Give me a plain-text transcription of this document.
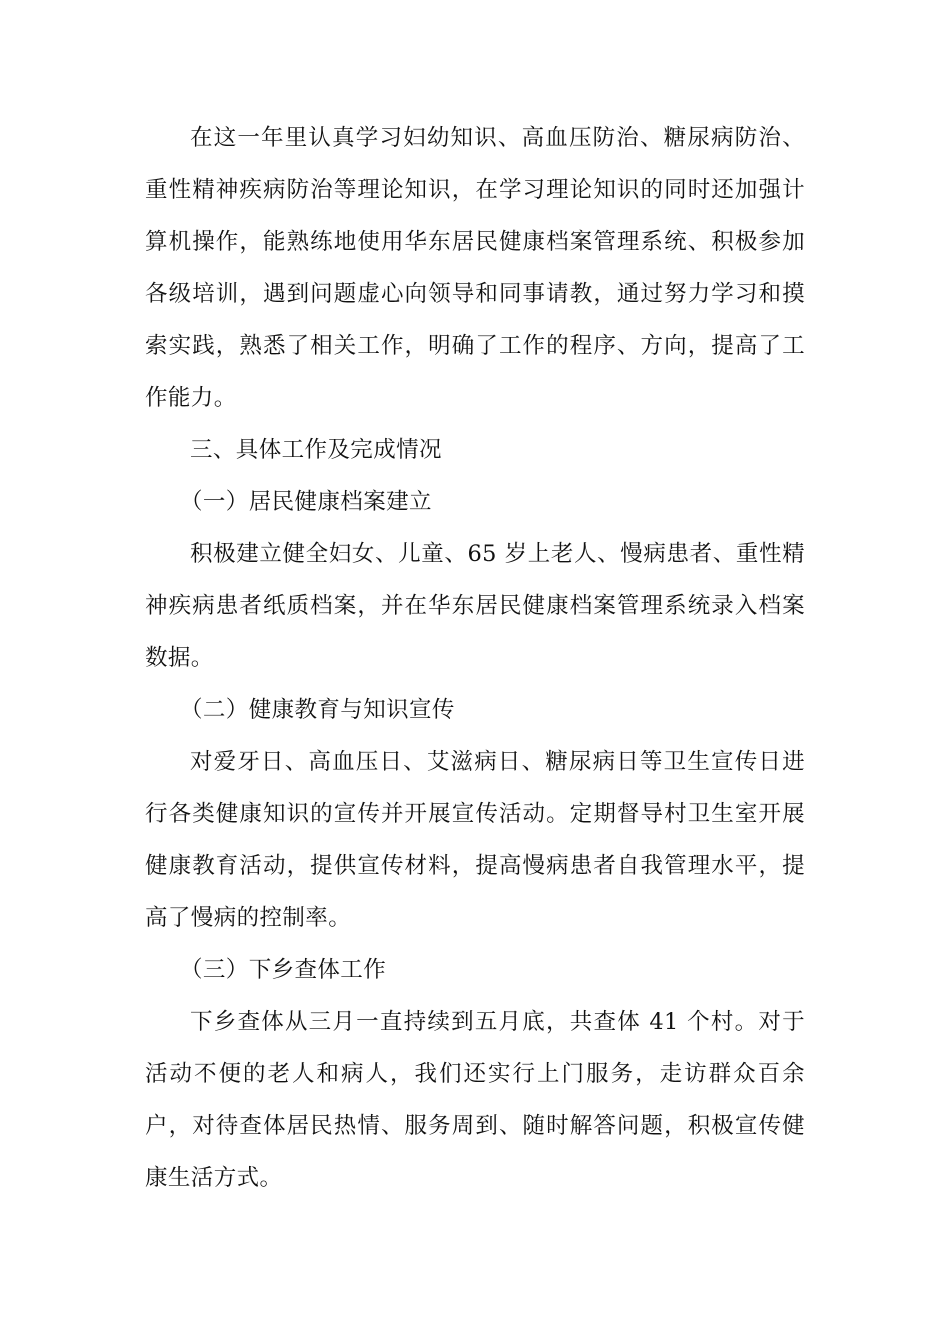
在这一年里认真学习妇幼知识、高血压防治、糖尿病防治、重性精神疾病防治等理论知识，在学习理论知识的同时还加强计算机操作，能熟练地使用华东居民健康档案管理系统、积极参加各级培训，遇到问题虚心向领导和同事请教，通过努力学习和摸索实践，熟悉了相关工作，明确了工作的程序、方向，提高了工作能力。

三、具体工作及完成情况

（一）居民健康档案建立

积极建立健全妇女、儿童、65 岁上老人、慢病患者、重性精神疾病患者纸质档案，并在华东居民健康档案管理系统录入档案数据。

（二）健康教育与知识宣传

对爱牙日、高血压日、艾滋病日、糖尿病日等卫生宣传日进行各类健康知识的宣传并开展宣传活动。定期督导村卫生室开展健康教育活动，提供宣传材料，提高慢病患者自我管理水平，提高了慢病的控制率。

（三）下乡查体工作

下乡查体从三月一直持续到五月底，共查体 41 个村。对于活动不便的老人和病人，我们还实行上门服务，走访群众百余户，对待查体居民热情、服务周到、随时解答问题，积极宣传健康生活方式。
